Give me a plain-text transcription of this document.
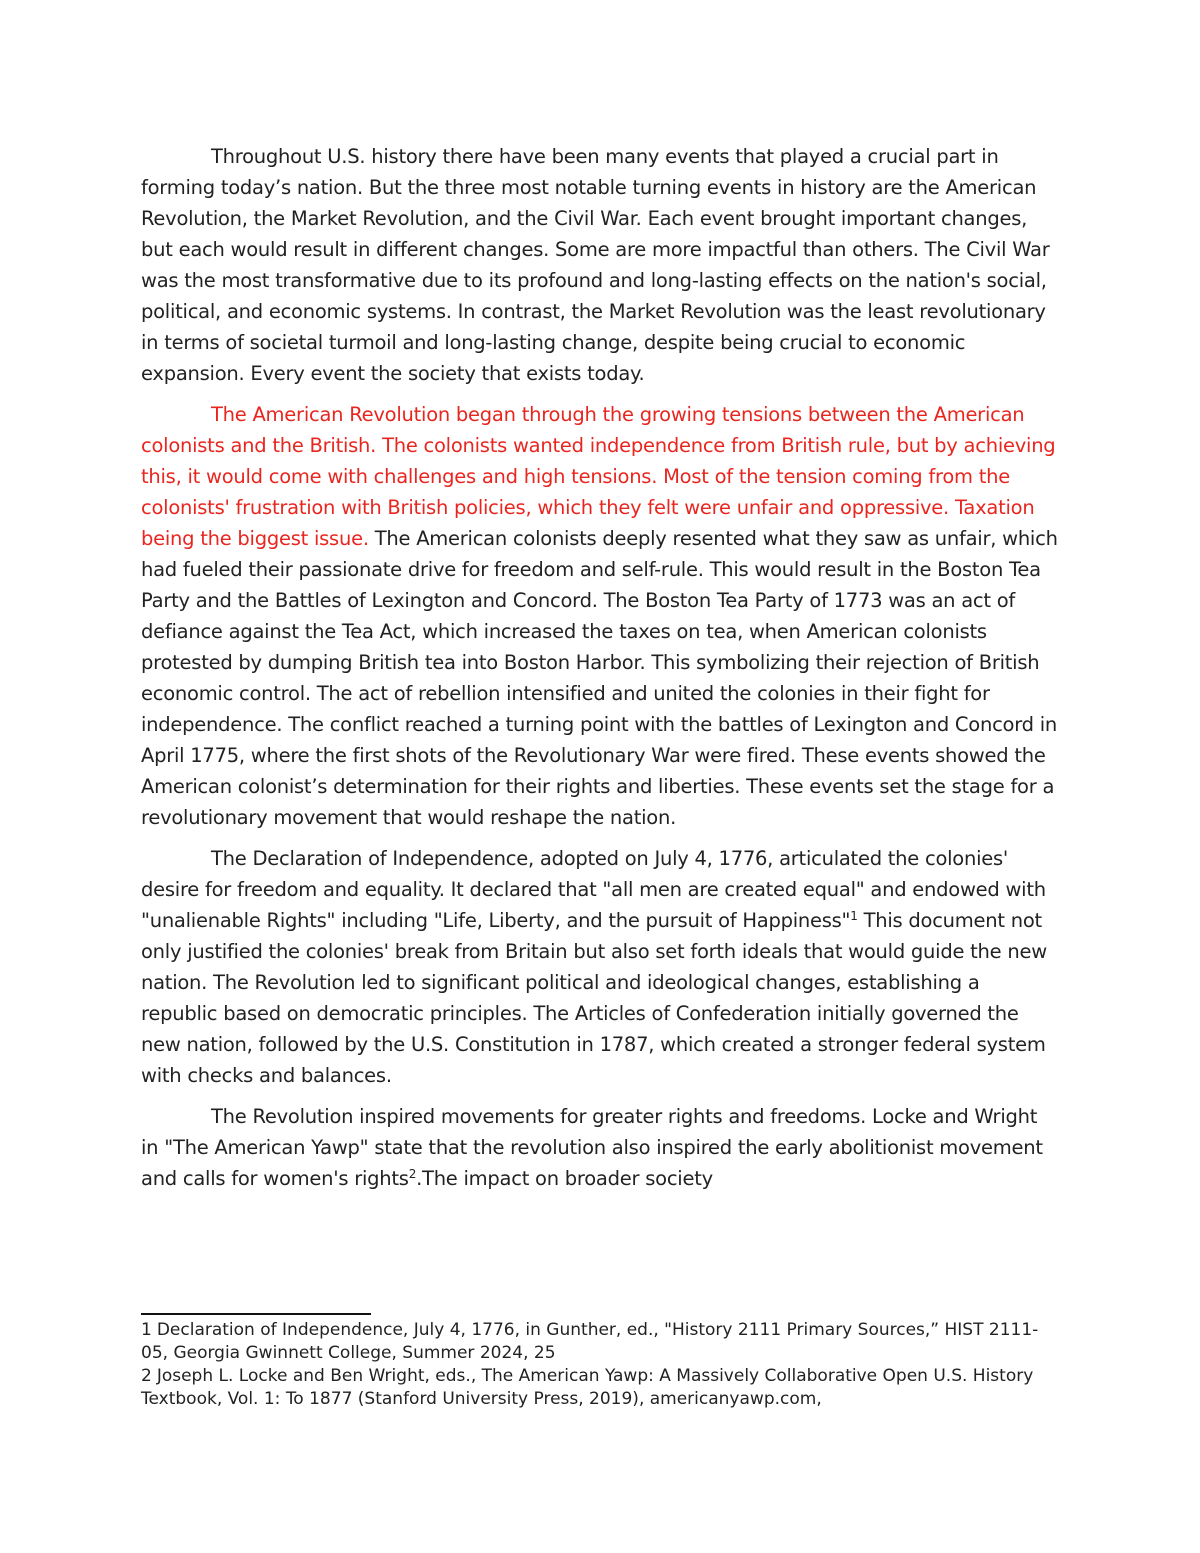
Throughout U.S. history there have been many events that played a crucial part in forming today’s nation. But the three most notable turning events in history are the American Revolution, the Market Revolution, and the Civil War. Each event brought important changes, but each would result in different changes. Some are more impactful than others. The Civil War was the most transformative due to its profound and long-lasting effects on the nation's social, political, and economic systems. In contrast, the Market Revolution was the least revolutionary in terms of societal turmoil and long-lasting change, despite being crucial to economic expansion. Every event the society that exists today.

The American Revolution began through the growing tensions between the American colonists and the British. The colonists wanted independence from British rule, but by achieving this, it would come with challenges and high tensions. Most of the tension coming from the colonists' frustration with British policies, which they felt were unfair and oppressive. Taxation being the biggest issue. The American colonists deeply resented what they saw as unfair, which had fueled their passionate drive for freedom and self-rule. This would result in the Boston Tea Party and the Battles of Lexington and Concord. The Boston Tea Party of 1773 was an act of defiance against the Tea Act, which increased the taxes on tea, when American colonists protested by dumping British tea into Boston Harbor. This symbolizing their rejection of British economic control. The act of rebellion intensified and united the colonies in their fight for independence. The conflict reached a turning point with the battles of Lexington and Concord in April 1775, where the first shots of the Revolutionary War were fired. These events showed the American colonist’s determination for their rights and liberties. These events set the stage for a revolutionary movement that would reshape the nation.

The Declaration of Independence, adopted on July 4, 1776, articulated the colonies' desire for freedom and equality. It declared that "all men are created equal" and endowed with "unalienable Rights" including "Life, Liberty, and the pursuit of Happiness"$^1$ This document not only justified the colonies' break from Britain but also set forth ideals that would guide the new nation. The Revolution led to significant political and ideological changes, establishing a republic based on democratic principles. The Articles of Confederation initially governed the new nation, followed by the U.S. Constitution in 1787, which created a stronger federal system with checks and balances.

The Revolution inspired movements for greater rights and freedoms. Locke and Wright in "The American Yawp" state that the revolution also inspired the early abolitionist movement and calls for women's rights$^2$.The impact on broader society

1 Declaration of Independence, July 4, 1776, in Gunther, ed., "History 2111 Primary Sources,” HIST 2111-05, Georgia Gwinnett College, Summer 2024, 25

2 Joseph L. Locke and Ben Wright, eds., The American Yawp: A Massively Collaborative Open U.S. History Textbook, Vol. 1: To 1877 (Stanford University Press, 2019), americanyawp.com,
